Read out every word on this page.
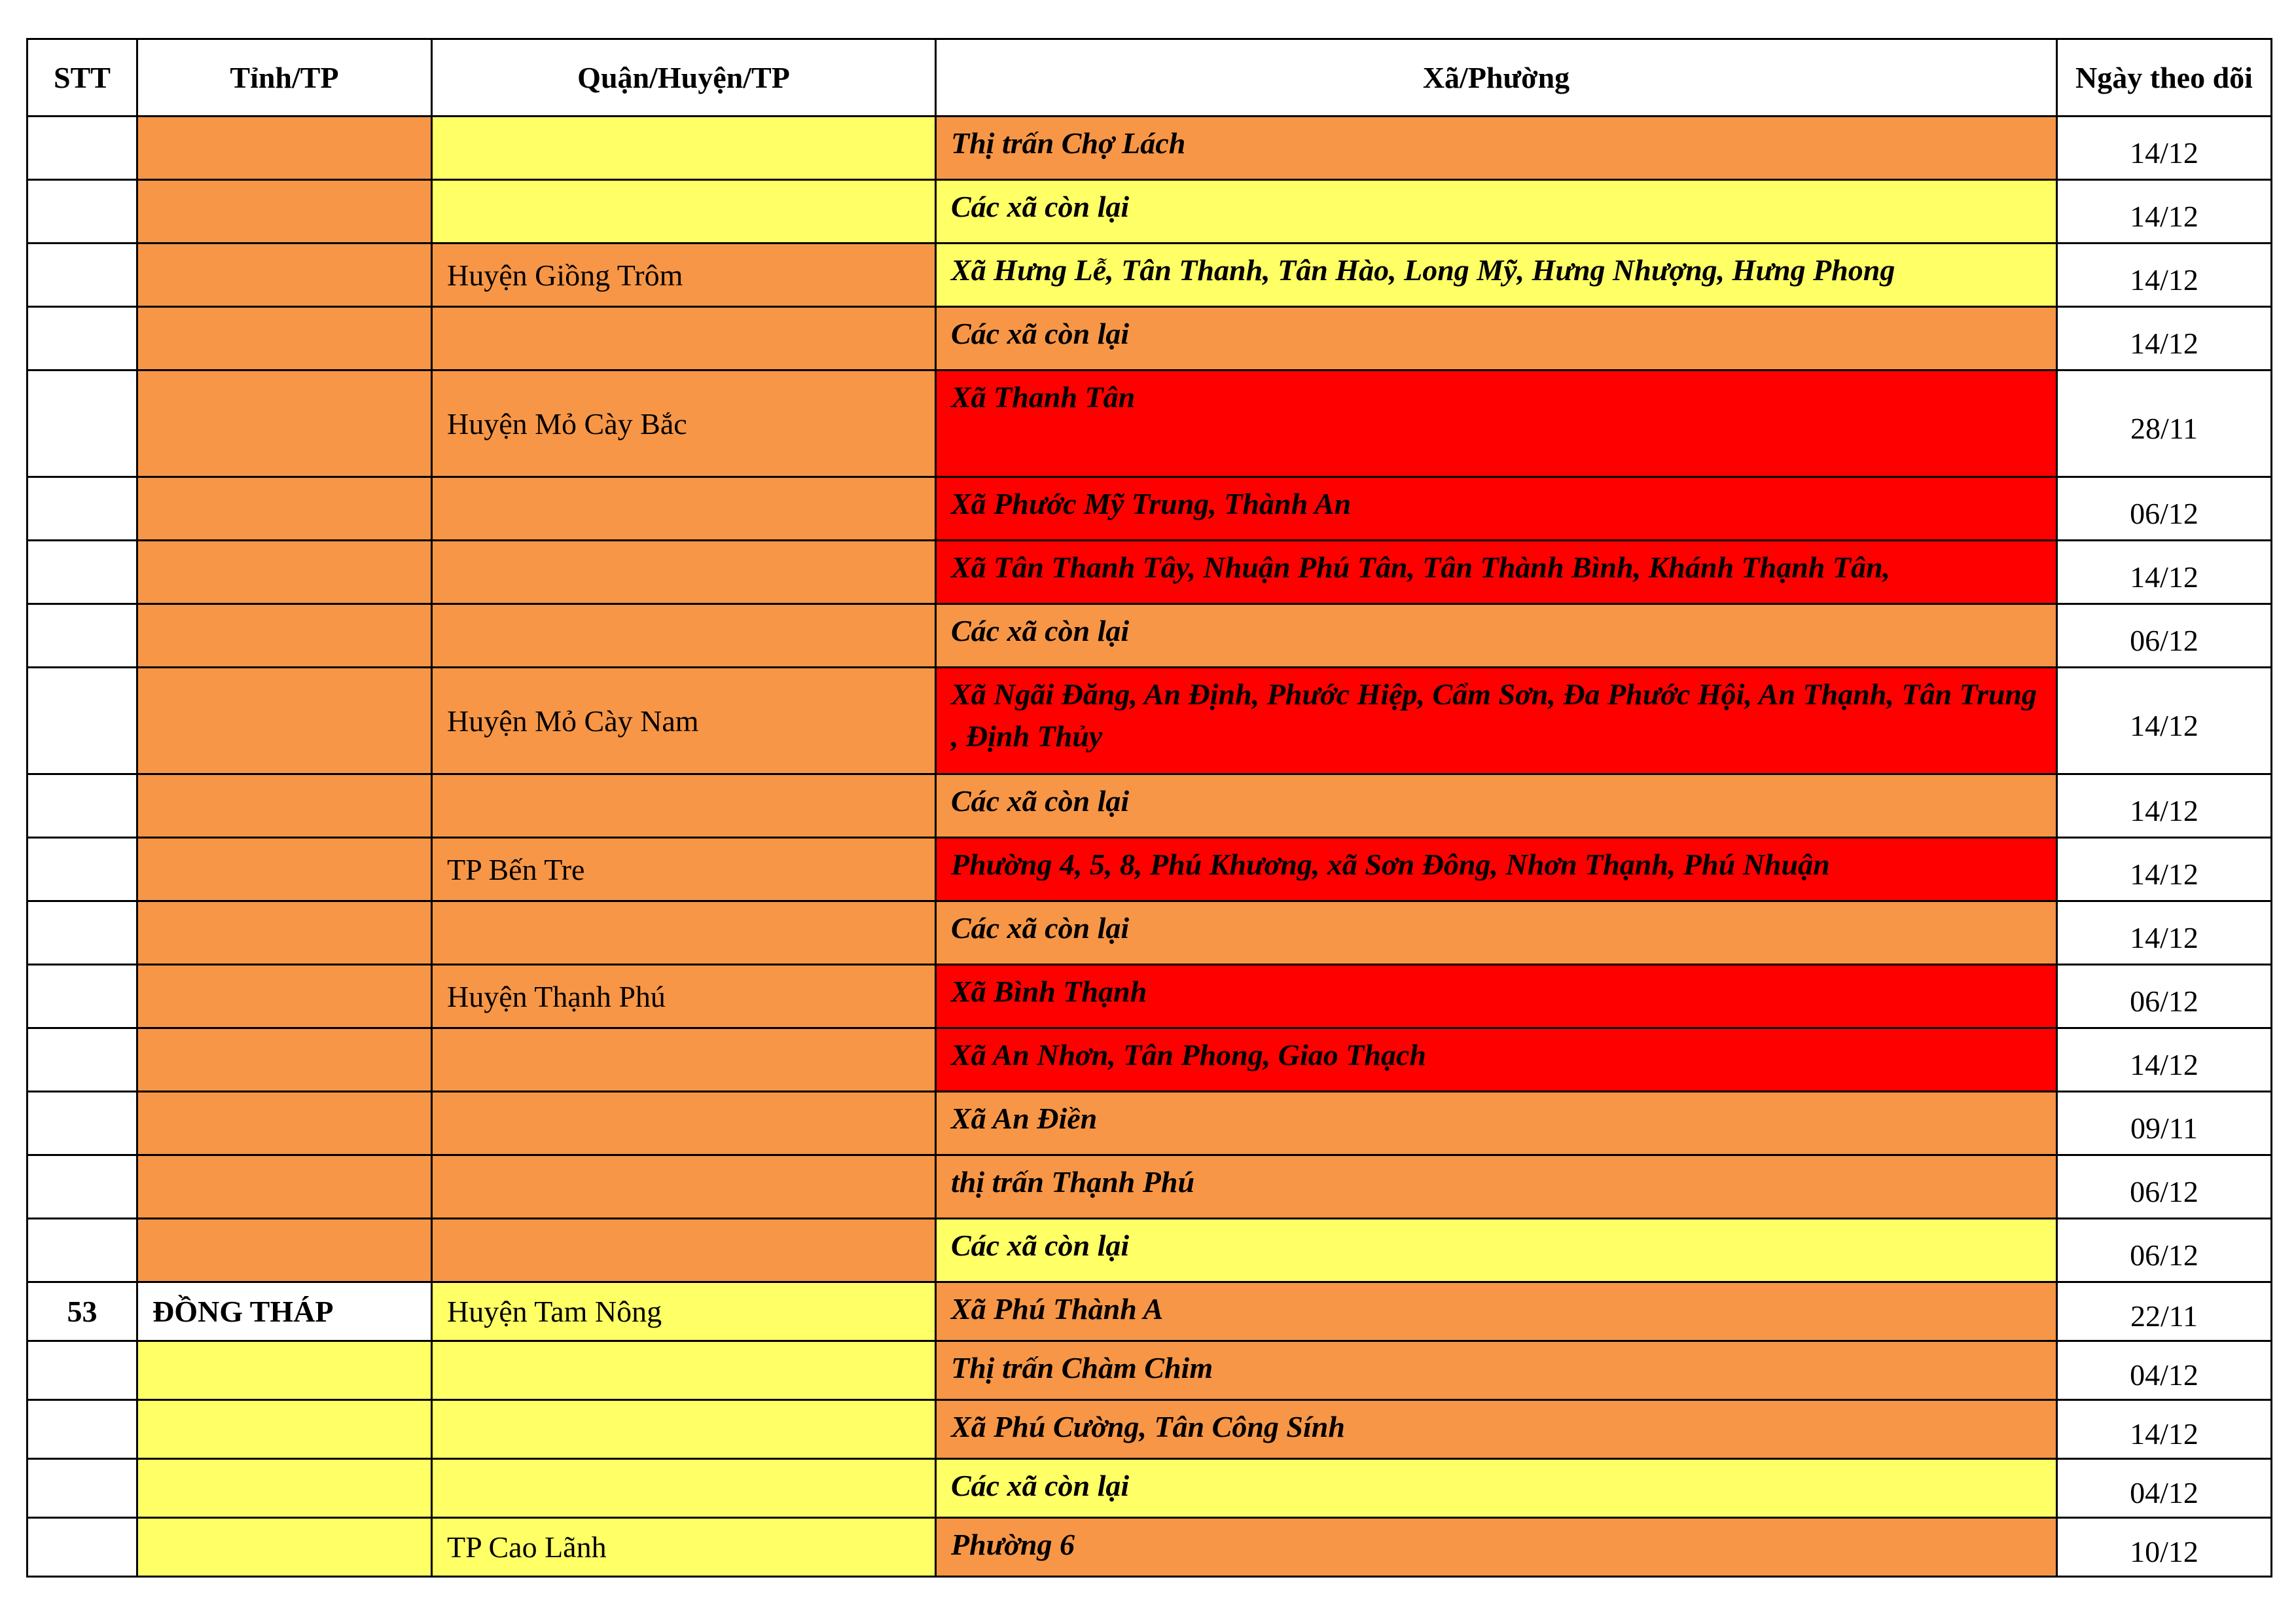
STT	Tỉnh/TP	Quận/Huyện/TP	Xã/Phường	Ngày theo dõi
			Thị trấn Chợ Lách	14/12
			Các xã còn lại	14/12
		Huyện Giồng Trôm	Xã Hưng Lễ, Tân Thanh, Tân Hào, Long Mỹ, Hưng Nhượng, Hưng Phong	14/12
			Các xã còn lại	14/12
		Huyện Mỏ Cày Bắc	Xã Thanh Tân	28/11
			Xã Phước Mỹ Trung, Thành An	06/12
			Xã Tân Thanh Tây, Nhuận Phú Tân, Tân Thành Bình, Khánh Thạnh Tân,	14/12
			Các xã còn lại	06/12
		Huyện Mỏ Cày Nam	Xã Ngãi Đăng, An Định, Phước Hiệp, Cẩm Sơn, Đa Phước Hội, An Thạnh, Tân Trung , Định Thủy	14/12
			Các xã còn lại	14/12
		TP Bến Tre	Phường 4, 5, 8, Phú Khương, xã Sơn Đông, Nhơn Thạnh, Phú Nhuận	14/12
			Các xã còn lại	14/12
		Huyện Thạnh Phú	Xã Bình Thạnh	06/12
			Xã An Nhơn, Tân Phong, Giao Thạch	14/12
			Xã An Điền	09/11
			thị trấn Thạnh Phú	06/12
			Các xã còn lại	06/12
53	ĐỒNG THÁP	Huyện Tam Nông	Xã Phú Thành A	22/11
			Thị trấn Chàm Chim	04/12
			Xã Phú Cường, Tân Công Sính	14/12
			Các xã còn lại	04/12
		TP Cao Lãnh	Phường 6	10/12
